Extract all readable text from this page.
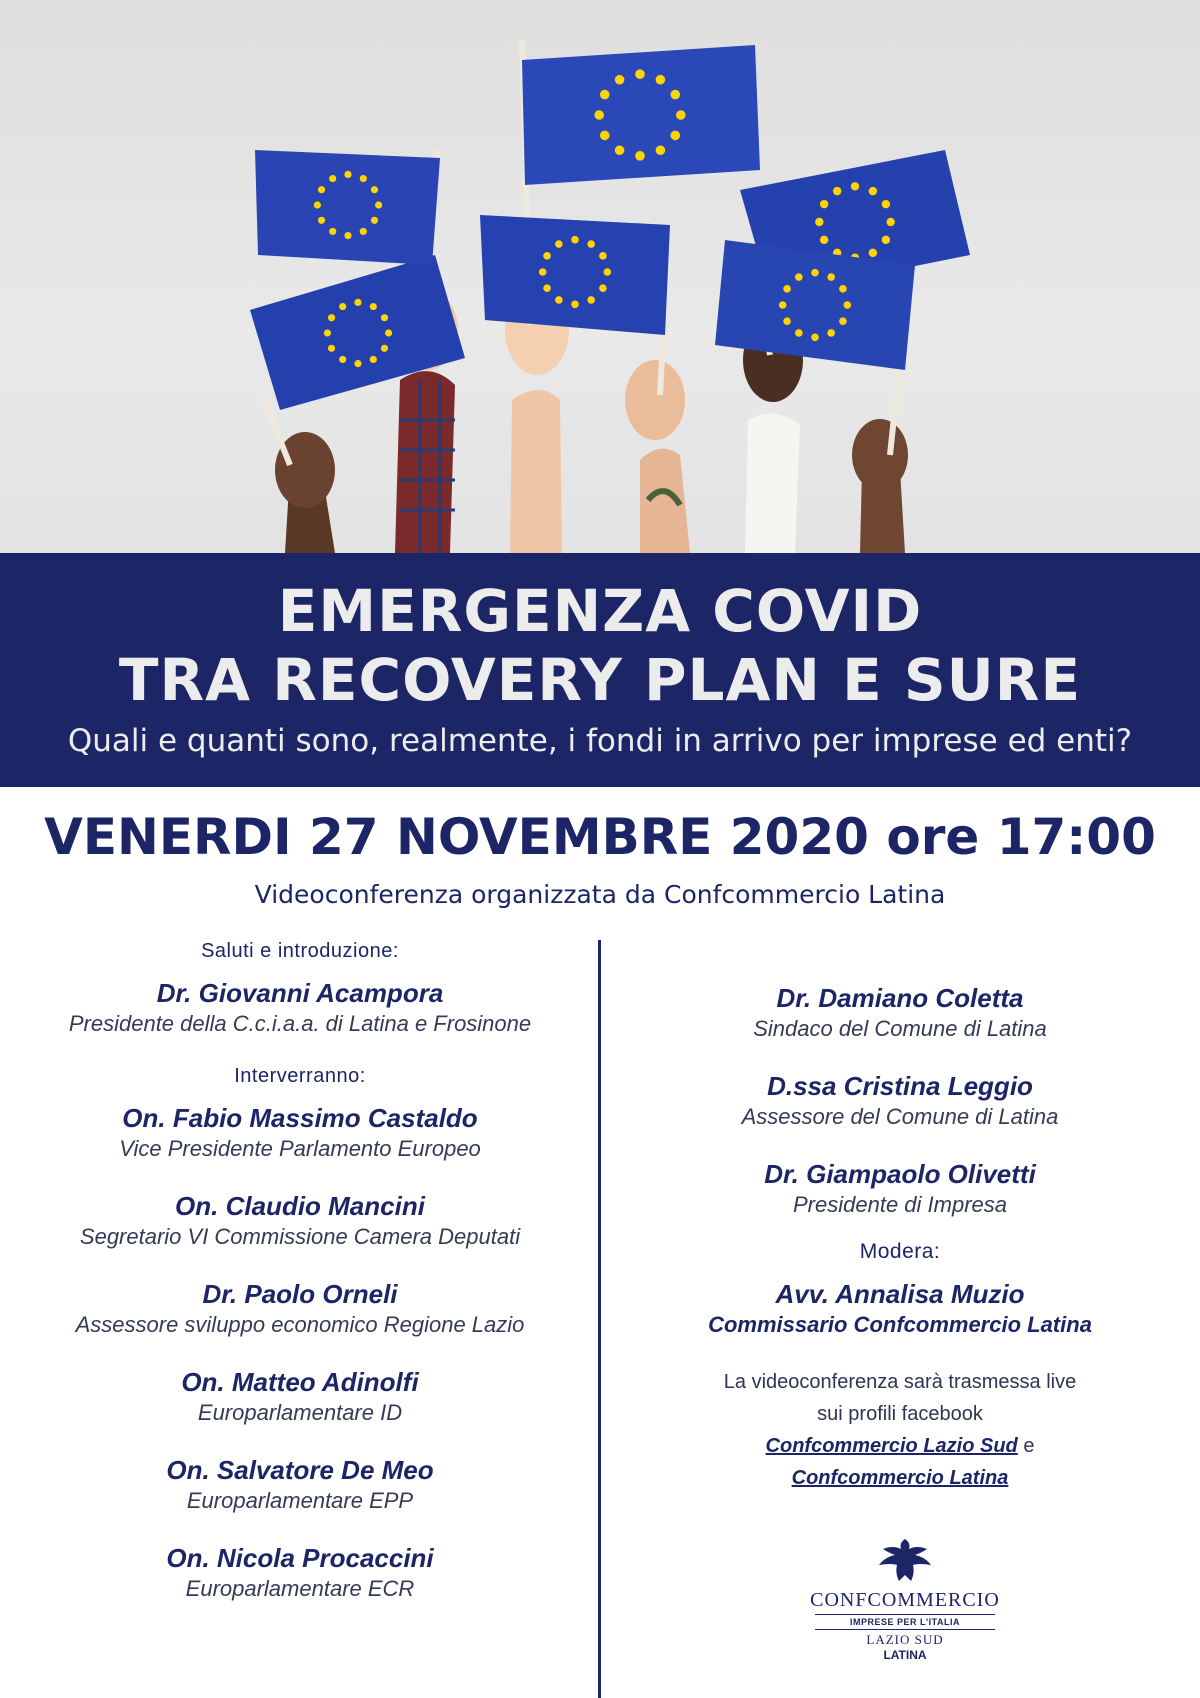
EMERGENZA COVID
TRA RECOVERY PLAN E SURE
Quali e quanti sono, realmente, i fondi in arrivo per imprese ed enti?
VENERDI 27 NOVEMBRE 2020 ore 17:00
Videoconferenza organizzata da Confcommercio Latina
Saluti e introduzione:
Dr. Giovanni Acampora
Presidente della C.c.i.a.a. di Latina e Frosinone
Interverranno:
On. Fabio Massimo Castaldo
Vice Presidente Parlamento Europeo
On. Claudio Mancini
Segretario VI Commissione Camera Deputati
Dr. Paolo Orneli
Assessore sviluppo economico Regione Lazio
On. Matteo Adinolfi
Europarlamentare ID
On. Salvatore De Meo
Europarlamentare EPP
On. Nicola Procaccini
Europarlamentare ECR
Dr. Damiano Coletta
Sindaco del Comune di Latina
D.ssa Cristina Leggio
Assessore del Comune di Latina
Dr. Giampaolo Olivetti
Presidente di Impresa
Modera:
Avv. Annalisa Muzio
Commissario Confcommercio Latina
La videoconferenza sarà trasmessa live
sui profili facebook
Confcommercio Lazio Sud e
Confcommercio Latina
CONFCOMMERCIO
IMPRESE PER L'ITALIA
LAZIO SUD
LATINA
